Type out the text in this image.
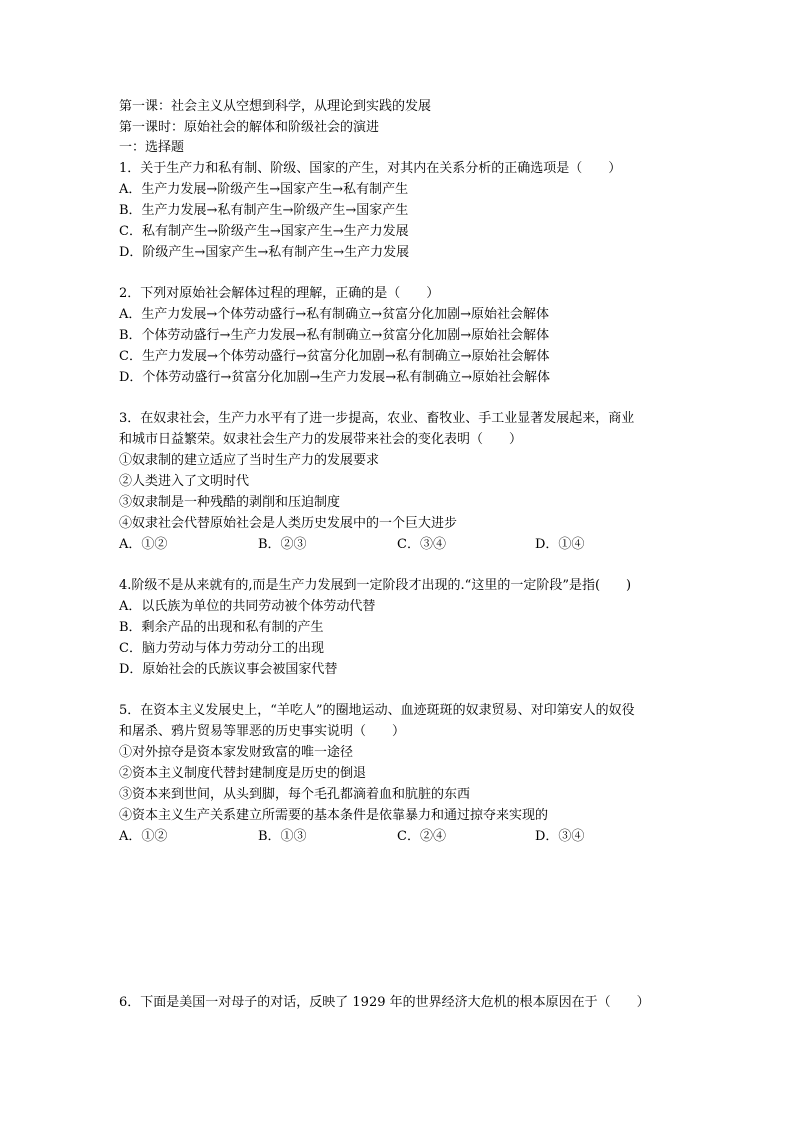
第一课：社会主义从空想到科学，从理论到实践的发展
第一课时：原始社会的解体和阶级社会的演进
一：选择题
1．关于生产力和私有制、阶级、国家的产生，对其内在关系分析的正确选项是（　　）
A．生产力发展→阶级产生→国家产生→私有制产生
B．生产力发展→私有制产生→阶级产生→国家产生
C．私有制产生→阶级产生→国家产生→生产力发展
D．阶级产生→国家产生→私有制产生→生产力发展
2．下列对原始社会解体过程的理解，正确的是（　　）
A．生产力发展→个体劳动盛行→私有制确立→贫富分化加剧→原始社会解体
B．个体劳动盛行→生产力发展→私有制确立→贫富分化加剧→原始社会解体
C．生产力发展→个体劳动盛行→贫富分化加剧→私有制确立→原始社会解体
D．个体劳动盛行→贫富分化加剧→生产力发展→私有制确立→原始社会解体
3．在奴隶社会，生产力水平有了进一步提高，农业、畜牧业、手工业显著发展起来，商业
和城市日益繁荣。奴隶社会生产力的发展带来社会的变化表明（　　）
①奴隶制的建立适应了当时生产力的发展要求
②人类进入了文明时代
③奴隶制是一种残酷的剥削和压迫制度
④奴隶社会代替原始社会是人类历史发展中的一个巨大进步
A．①②	B．②③	C．③④	D．①④
4.阶级不是从来就有的,而是生产力发展到一定阶段才出现的.“这里的一定阶段”是指(　　)
A．以氏族为单位的共同劳动被个体劳动代替
B．剩余产品的出现和私有制的产生
C．脑力劳动与体力劳动分工的出现
D．原始社会的氏族议事会被国家代替
5．在资本主义发展史上，“羊吃人”的圈地运动、血迹斑斑的奴隶贸易、对印第安人的奴役
和屠杀、鸦片贸易等罪恶的历史事实说明（　　）
①对外掠夺是资本家发财致富的唯一途径
②资本主义制度代替封建制度是历史的倒退
③资本来到世间，从头到脚，每个毛孔都滴着血和肮脏的东西
④资本主义生产关系建立所需要的基本条件是依靠暴力和通过掠夺来实现的
A．①②	B．①③	C．②④	D．③④
6．下面是美国一对母子的对话，反映了 1929 年的世界经济大危机的根本原因在于（　　）
